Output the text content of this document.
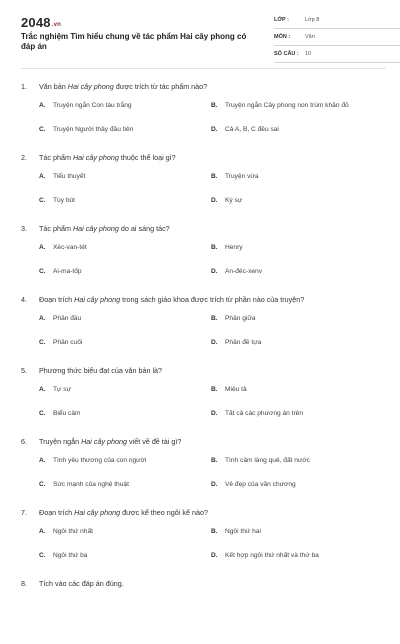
2048.vn
Trắc nghiệm Tìm hiểu chung về tác phẩm Hai cây phong có đáp án
LỚP :	Lớp 8
MÔN :	Văn
SỐ CÂU : 10
1. Văn bản Hai cây phong được trích từ tác phẩm nào?
A. Truyện ngắn Con tàu trắng	B. Truyện ngắn Cây phong non trùm khăn đỏ
C. Truyện Người thầy đầu tiên	D. Cả A, B, C đều sai
2. Tác phẩm Hai cây phong thuộc thể loại gì?
A. Tiểu thuyết	B. Truyện vừa
C. Tùy bút	D. Ký sự
3. Tác phẩm Hai cây phong do ai sáng tác?
A. Xéc-van-tét	B. Henry
C. Ai-ma-tốp	D. An-đéc-xenv
4. Đoạn trích Hai cây phong trong sách giáo khoa được trích từ phần nào của truyện?
A. Phần đầu	B. Phần giữa
C. Phần cuối	D. Phần đề tựa
5. Phương thức biểu đạt của văn bản là?
A. Tự sự	B. Miêu tả
C. Biểu cảm	D. Tất cả các phương án trên
6. Truyện ngắn Hai cây phong viết về đề tài gì?
A. Tình yêu thương của con người	B. Tình cảm làng quê, đất nước
C. Sức mạnh của nghệ thuật	D. Vẻ đẹp của văn chương
7. Đoạn trích Hai cây phong được kể theo ngôi kể nào?
A. Ngôi thứ nhất	B. Ngôi thứ hai
C. Ngôi thứ ba	D. Kết hợp ngôi thứ nhất và thứ ba
8. Tích vào các đáp án đúng.
